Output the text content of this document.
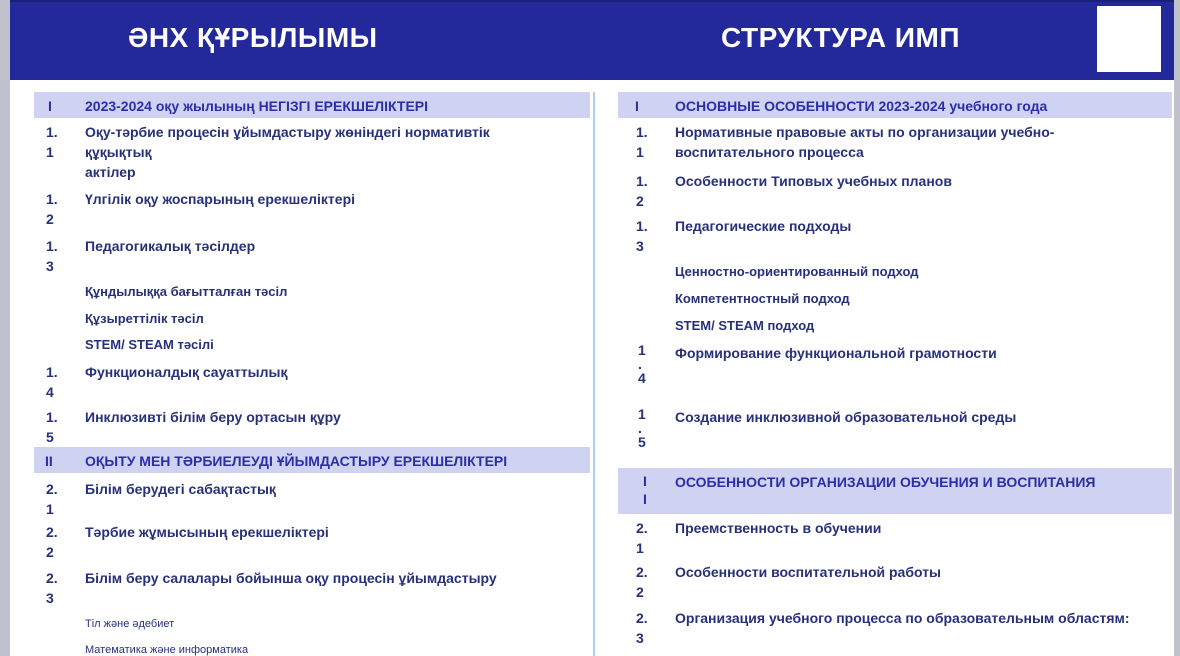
ӘНХ ҚҰРЫЛЫМЫ	СТРУКТУРА ИМП
I 2023-2024 оқу жылының НЕГІЗГІ ЕРЕКШЕЛІКТЕРІ
1.
1
Оқу-тәрбие процесін ұйымдастыру жөніндегі нормативтік құқықтық
актілер
1.
2
Үлгілік оқу жоспарының ерекшеліктері
1.
3
Педагогикалық тәсілдер
Құндылыққа бағытталған тәсіл
Құзыреттілік тәсіл
STEM/ STEAM тәсілі
1.
4
Функционалдық сауаттылық
1.
5
Инклюзивті білім беру ортасын құру
II ОҚЫТУ МЕН ТӘРБИЕЛЕУДІ ҰЙЫМДАСТЫРУ ЕРЕКШЕЛІКТЕРІ
2.
1
Білім берудегі сабақтастық
2.
2
Тәрбие жұмысының ерекшеліктері
2.
3
Білім беру салалары бойынша оқу процесін ұйымдастыру
Тіл және әдебиет
Математика және информатика
I	ОСНОВНЫЕ ОСОБЕННОСТИ 2023-2024 учебного года
1.
1
Нормативные правовые акты по организации учебно-
воспитательного процесса
1.
2
Особенности Типовых учебных планов
1.
3
Педагогические подходы
Ценностно-ориентированный подход
Компетентностный подход
STEM/ STEAM подход
1
.
4
Формирование функциональной грамотности
1
.
5
Создание инклюзивной образовательной среды
I
I
ОСОБЕННОСТИ ОРГАНИЗАЦИИ ОБУЧЕНИЯ И ВОСПИТАНИЯ
2.
1
Преемственность в обучении
2.
2
Особенности воспитательной работы
2.
3
Организация учебного процесса по образовательным областям:
